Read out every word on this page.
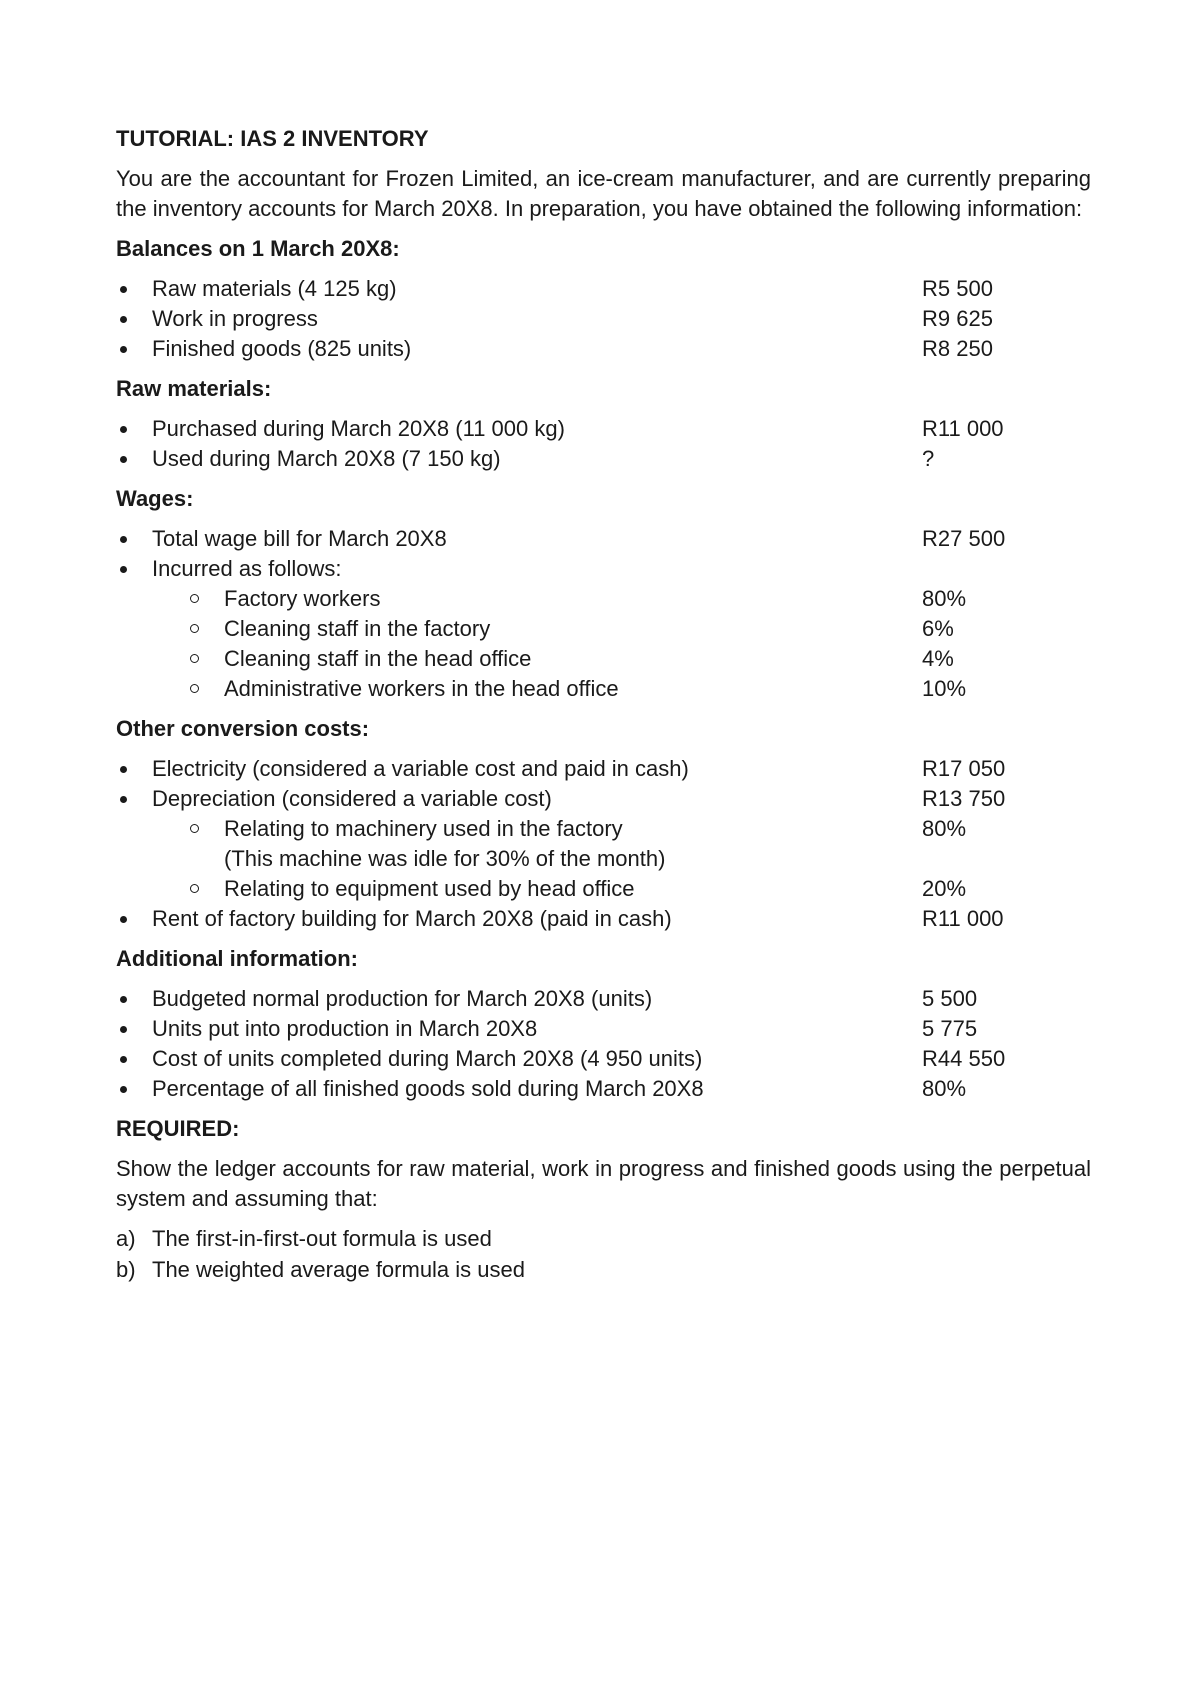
TUTORIAL: IAS 2 INVENTORY
You are the accountant for Frozen Limited, an ice-cream manufacturer, and are currently preparing the inventory accounts for March 20X8. In preparation, you have obtained the following information:
Balances on 1 March 20X8:
Raw materials (4 125 kg)	R5 500
Work in progress	R9 625
Finished goods (825 units)	R8 250
Raw materials:
Purchased during March 20X8 (11 000 kg)	R11 000
Used during March 20X8 (7 150 kg)	?
Wages:
Total wage bill for March 20X8	R27 500
Incurred as follows:
Factory workers	80%
Cleaning staff in the factory	6%
Cleaning staff in the head office	4%
Administrative workers in the head office	10%
Other conversion costs:
Electricity (considered a variable cost and paid in cash)	R17 050
Depreciation (considered a variable cost)	R13 750
Relating to machinery used in the factory	80%
(This machine was idle for 30% of the month)
Relating to equipment used by head office	20%
Rent of factory building for March 20X8 (paid in cash)	R11 000
Additional information:
Budgeted normal production for March 20X8 (units)	5 500
Units put into production in March 20X8	5 775
Cost of units completed during March 20X8 (4 950 units)	R44 550
Percentage of all finished goods sold during March 20X8	80%
REQUIRED:
Show the ledger accounts for raw material, work in progress and finished goods using the perpetual system and assuming that:
a) The first-in-first-out formula is used
b) The weighted average formula is used
